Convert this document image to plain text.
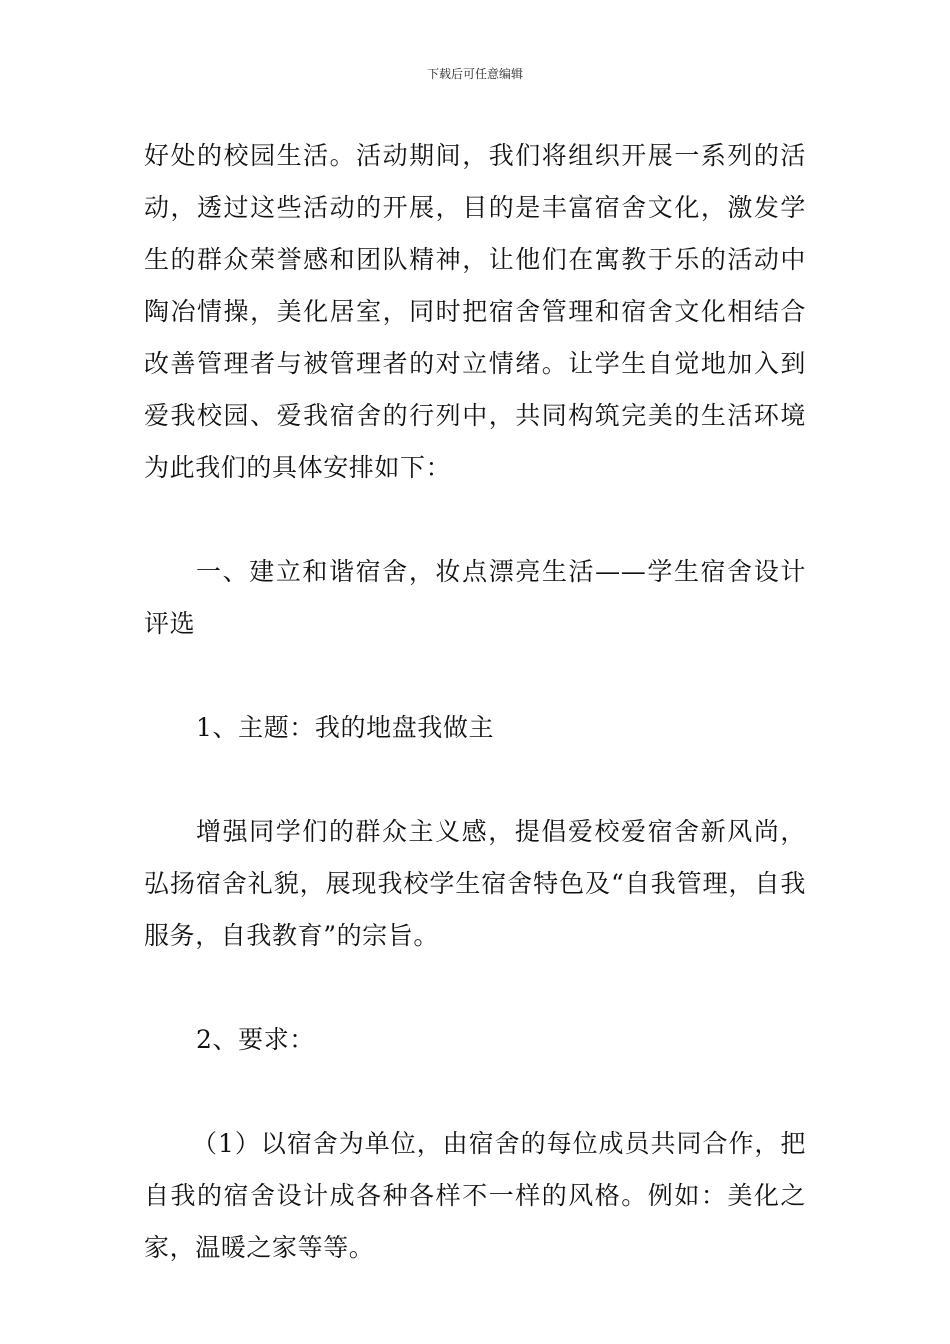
下载后可任意编辑

好处的校园生活。活动期间，我们将组织开展一系列的活动，透过这些活动的开展，目的是丰富宿舍文化，激发学生的群众荣誉感和团队精神，让他们在寓教于乐的活动中陶冶情操，美化居室，同时把宿舍管理和宿舍文化相结合改善管理者与被管理者的对立情绪。让学生自觉地加入到爱我校园、爱我宿舍的行列中，共同构筑完美的生活环境为此我们的具体安排如下：

一、建立和谐宿舍，妆点漂亮生活——学生宿舍设计评选

1、主题：我的地盘我做主

增强同学们的群众主义感，提倡爱校爱宿舍新风尚，弘扬宿舍礼貌，展现我校学生宿舍特色及“自我管理，自我服务，自我教育”的宗旨。

2、要求：

（1）以宿舍为单位，由宿舍的每位成员共同合作，把自我的宿舍设计成各种各样不一样的风格。例如：美化之家，温暖之家等等。
